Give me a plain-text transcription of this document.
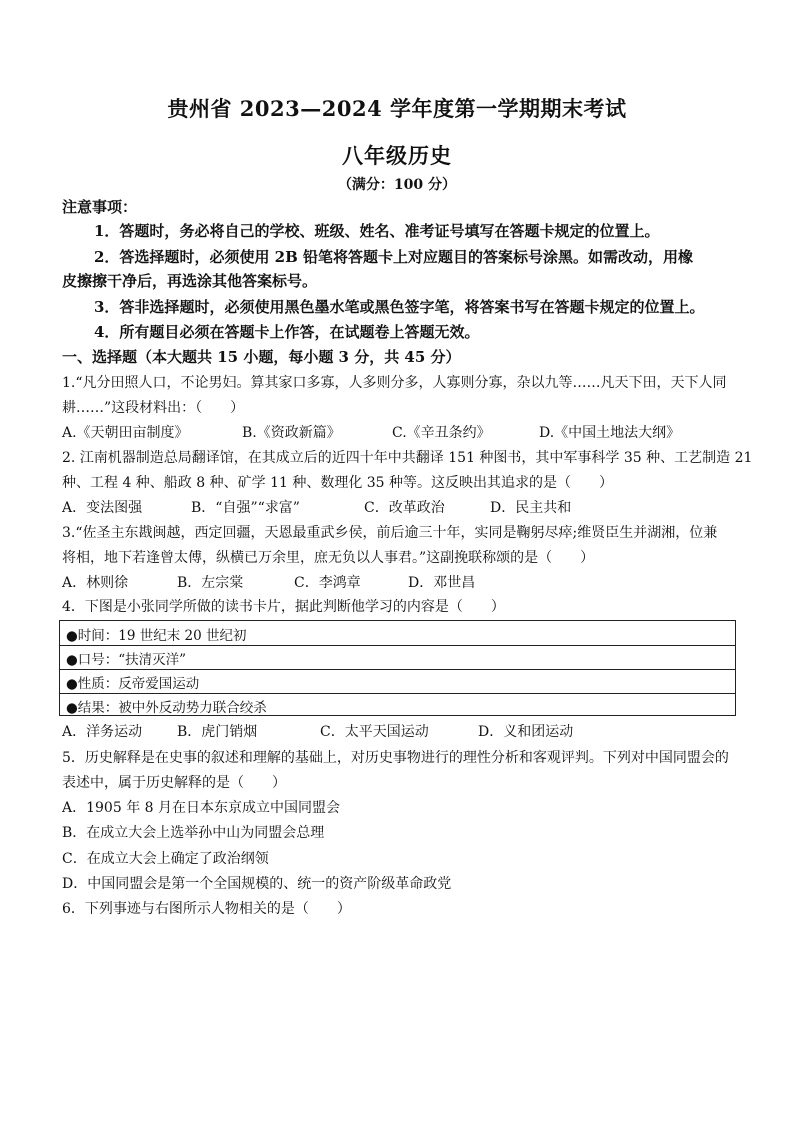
贵州省 2023—2024 学年度第一学期期末考试
八年级历史
（满分：100 分）
注意事项：
1．答题时，务必将自己的学校、班级、姓名、准考证号填写在答题卡规定的位置上。
2．答选择题时，必须使用 2B 铅笔将答题卡上对应题目的答案标号涂黑。如需改动，用橡
皮擦擦干净后，再选涂其他答案标号。
3．答非选择题时，必须使用黑色墨水笔或黑色签字笔，将答案书写在答题卡规定的位置上。
4．所有题目必须在答题卡上作答，在试题卷上答题无效。
一、选择题（本大题共 15 小题，每小题 3 分，共 45 分）
1.“凡分田照人口，不论男妇。算其家口多寡，人多则分多，人寡则分寡，杂以九等……凡天下田，天下人同
耕……”这段材料出：（　　）
A.《天朝田亩制度》	B.《资政新篇》	C.《辛丑条约》	D.《中国土地法大纲》
2. 江南机器制造总局翻译馆，在其成立后的近四十年中共翻译 151 种图书，其中军事科学 35 种、工艺制造 21
种、工程 4 种、船政 8 种、矿学 11 种、数理化 35 种等。这反映出其追求的是（　　）
A．变法图强	B．“自强”“求富”	C．改革政治	D．民主共和
3.“佐圣主东戡闽越，西定回疆，天恩最重武乡侯，前后逾三十年，实同是鞠躬尽瘁;维贤臣生并湖湘，位兼
将相，地下若逢曾太傅，纵横已万余里，庶无负以人事君。”这副挽联称颂的是（　　）
A．林则徐	B．左宗棠	C．李鸿章	D．邓世昌
4．下图是小张同学所做的读书卡片，据此判断他学习的内容是（　　）
●时间：19 世纪末 20 世纪初
●口号：“扶清灭洋”
●性质：反帝爱国运动
●结果：被中外反动势力联合绞杀
A．洋务运动 B．虎门销烟	C．太平天国运动	D．义和团运动
5．历史解释是在史事的叙述和理解的基础上，对历史事物进行的理性分析和客观评判。下列对中国同盟会的
表述中，属于历史解释的是（　　）
A．1905 年 8 月在日本东京成立中国同盟会
B．在成立大会上选举孙中山为同盟会总理
C．在成立大会上确定了政治纲领
D．中国同盟会是第一个全国规模的、统一的资产阶级革命政党
6．下列事迹与右图所示人物相关的是（　　）
